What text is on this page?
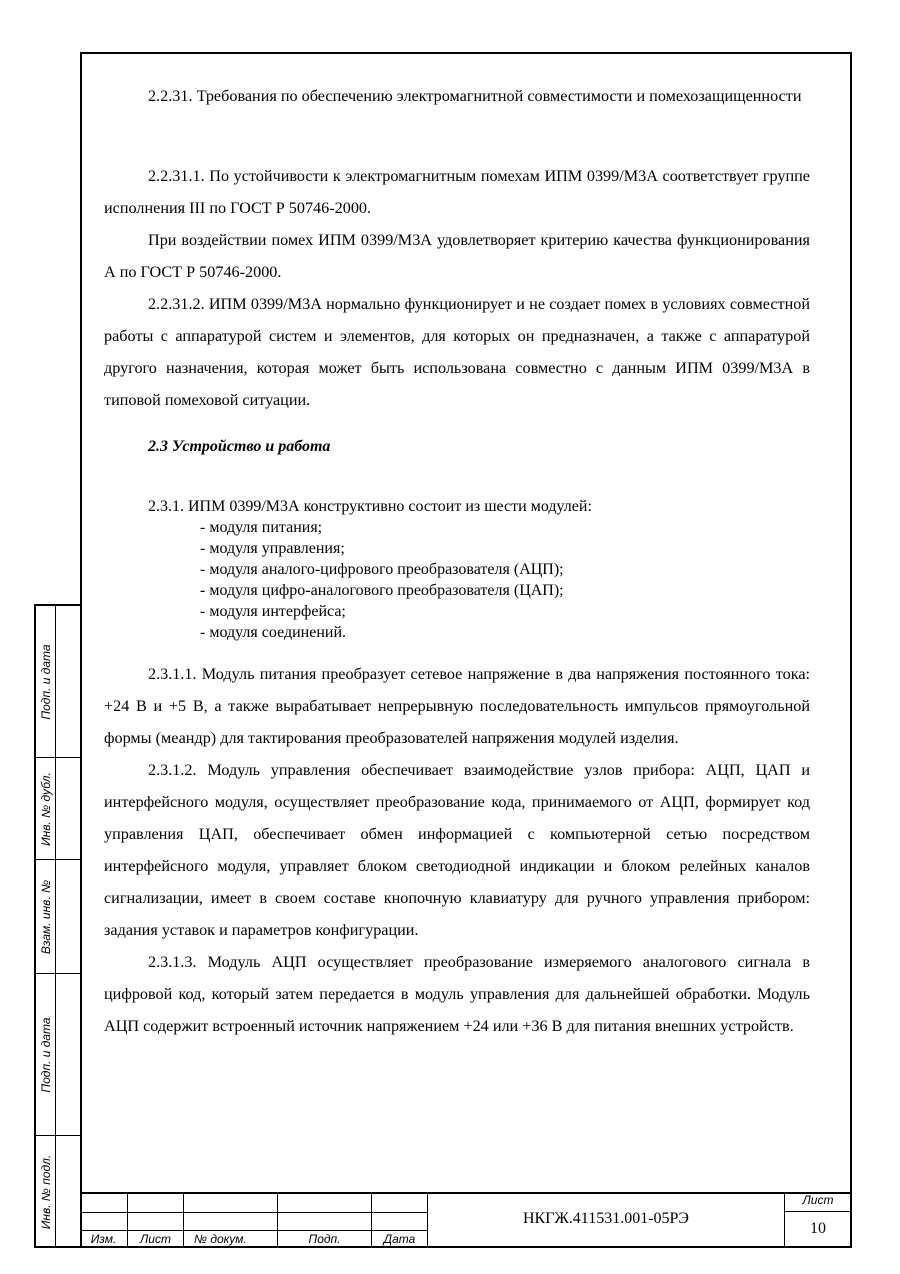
Подп. и дата
Инв. № дубл.
Взам. инв. №
Подп. и дата
Инв. № подл.

2.2.31. Требования по обеспечению электромагнитной совместимости и помехозащищенности

2.2.31.1. По устойчивости к электромагнитным помехам ИПМ 0399/М3А соответствует группе исполнения III по ГОСТ Р 50746-2000.

При воздействии помех ИПМ 0399/М3А удовлетворяет критерию качества функционирования А по ГОСТ Р 50746-2000.

2.2.31.2. ИПМ 0399/М3А нормально функционирует и не создает помех в условиях совместной работы с аппаратурой систем и элементов, для которых он предназначен, а также с аппаратурой другого назначения, которая может быть использована совместно с данным ИПМ 0399/М3А в типовой помеховой ситуации.

2.3 Устройство и работа
2.3.1. ИПМ 0399/М3А конструктивно состоит из шести модулей:
- модуля питания;
- модуля управления;
- модуля аналого-цифрового преобразователя (АЦП);
- модуля цифро-аналогового преобразователя (ЦАП);
- модуля интерфейса;
- модуля соединений.

2.3.1.1. Модуль питания преобразует сетевое напряжение в два напряжения постоянного тока: +24 В и +5 В, а также вырабатывает непрерывную последовательность импульсов прямоугольной формы (меандр) для тактирования преобразователей напряжения модулей изделия.

2.3.1.2. Модуль управления обеспечивает взаимодействие узлов прибора: АЦП, ЦАП и интерфейсного модуля, осуществляет преобразование кода, принимаемого от АЦП, формирует код управления ЦАП, обеспечивает обмен информацией с компьютерной сетью посредством интерфейсного модуля, управляет блоком светодиодной индикации и блоком релейных каналов сигнализации, имеет в своем составе кнопочную клавиатуру для ручного управления прибором: задания уставок и параметров конфигурации.

2.3.1.3. Модуль АЦП осуществляет преобразование измеряемого аналогового сигнала в цифровой код, который затем передается в модуль управления для дальнейшей обработки. Модуль АЦП содержит встроенный источник напряжением +24 или +36 В для питания внешних устройств.

Изм.	Лист	№ докум.	Подп.	Дата
НКГЖ.411531.001-05РЭ
Лист
10
